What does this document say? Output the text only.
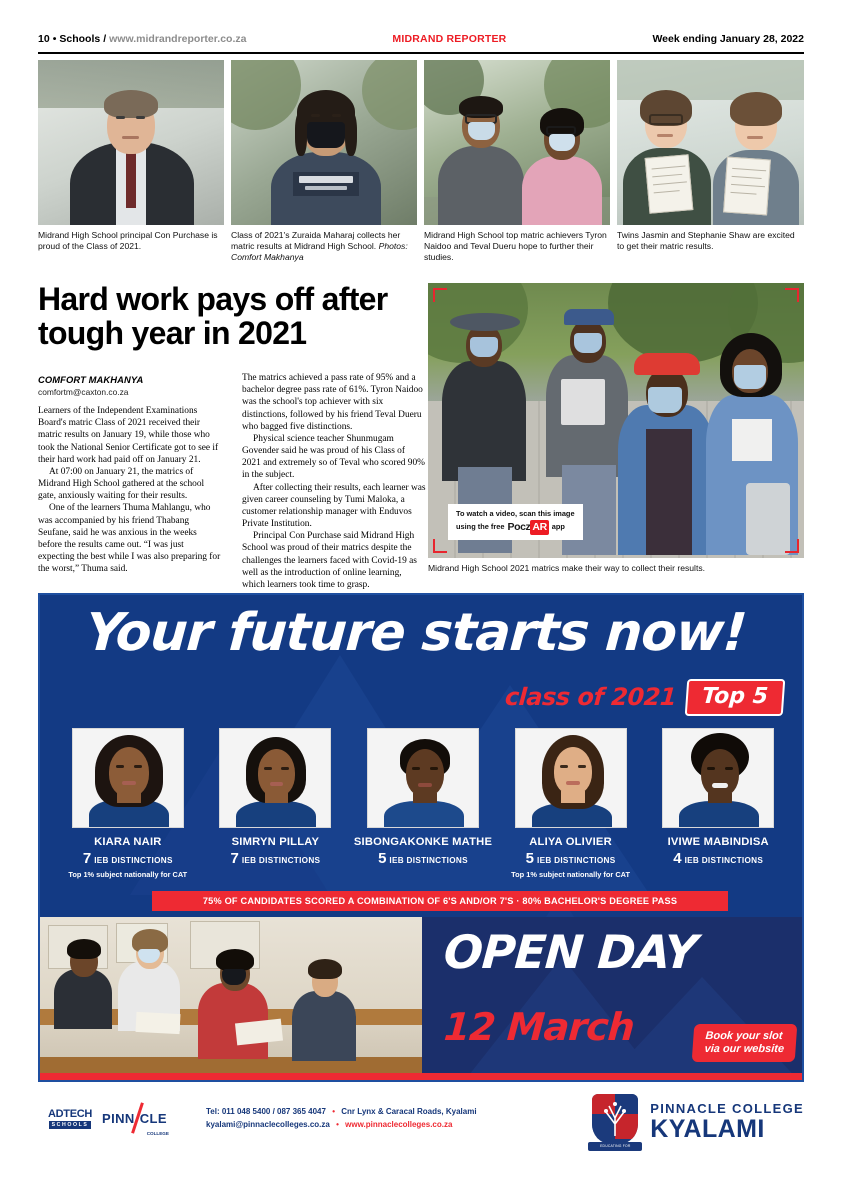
10 • Schools / www.midrandreporter.co.za	MIDRAND REPORTER	Week ending January 28, 2022
Midrand High School principal Con Purchase is proud of the Class of 2021.
Class of 2021's Zuraida Maharaj collects her matric results at Midrand High School. Photos: Comfort Makhanya
Midrand High School top matric achievers Tyron Naidoo and Teval Dueru hope to further their studies.
Twins Jasmin and Stephanie Shaw are excited to get their matric results.
Hard work pays off after tough year in 2021
COMFORT MAKHANYA
comfortm@caxton.co.za

Learners of the Independent Examinations Board's matric Class of 2021 received their matric results on January 19, while those who took the National Senior Certificate got to see if their hard work had paid off on January 21.

At 07:00 on January 21, the matrics of Midrand High School gathered at the school gate, anxiously waiting for their results.

One of the learners Thuma Mahlangu, who was accompanied by his friend Thabang Seufane, said he was anxious in the weeks before the results came out. “I was just expecting the best while I was also preparing for the worst,” Thuma said.

The matrics achieved a pass rate of 95% and a bachelor degree pass rate of 61%. Tyron Naidoo was the school's top achiever with six distinctions, followed by his friend Teval Dueru who bagged five distinctions.

Physical science teacher Shunmugam Govender said he was proud of his Class of 2021 and extremely so of Teval who scored 90% in the subject.

After collecting their results, each learner was given career counseling by Tumi Maloka, a customer relationship manager with Enduvos Private Institution.

Principal Con Purchase said Midrand High School was proud of their matrics despite the challenges the learners faced with Covid-19 as well as the introduction of online learning, which learners took time to grasp.

To watch a video, scan this image
using the free Pocz AR app
Midrand High School 2021 matrics make their way to collect their results.
Your future starts now!
class of 2021	Top 5
KIARA NAIR
7 IEB DISTINCTIONS
Top 1% subject nationally for CAT
SIMRYN PILLAY
7 IEB DISTINCTIONS
SIBONGAKONKE MATHE
5 IEB DISTINCTIONS
ALIYA OLIVIER
5 IEB DISTINCTIONS
Top 1% subject nationally for CAT
IVIWE MABINDISA
4 IEB DISTINCTIONS
75% OF CANDIDATES SCORED A COMBINATION OF 6'S AND/OR 7'S · 80% BACHELOR'S DEGREE PASS
OPEN DAY
12 March	Book your slot
via our website
ADTECH
SCHOOLS PINN CLE
COLLEGE
Tel: 011 048 5400 / 087 365 4047 • Cnr Lynx & Caracal Roads, Kyalami
kyalami@pinnaclecolleges.co.za • www.pinnaclecolleges.co.za
EDUCATING FOR SIGNIFICANCE
PINNACLE COLLEGE
KYALAMI
